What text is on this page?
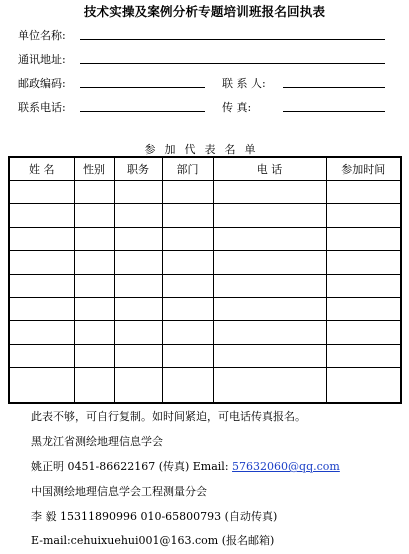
技术实操及案例分析专题培训班报名回执表
单位名称:
通讯地址:
邮政编码:	联 系 人:
联系电话:	传 真:
参加代表名单
姓 名	性别	职务	部门	电 话	参加时间

此表不够，可自行复制。如时间紧迫，可电话传真报名。
黑龙江省测绘地理信息学会
姚正明 0451-86622167 (传真) Email: 57632060@qq.com
中国测绘地理信息学会工程测量分会
李 毅 15311890996 010-65800793 (自动传真)
E-mail:cehuixuehui001@163.com (报名邮箱)
